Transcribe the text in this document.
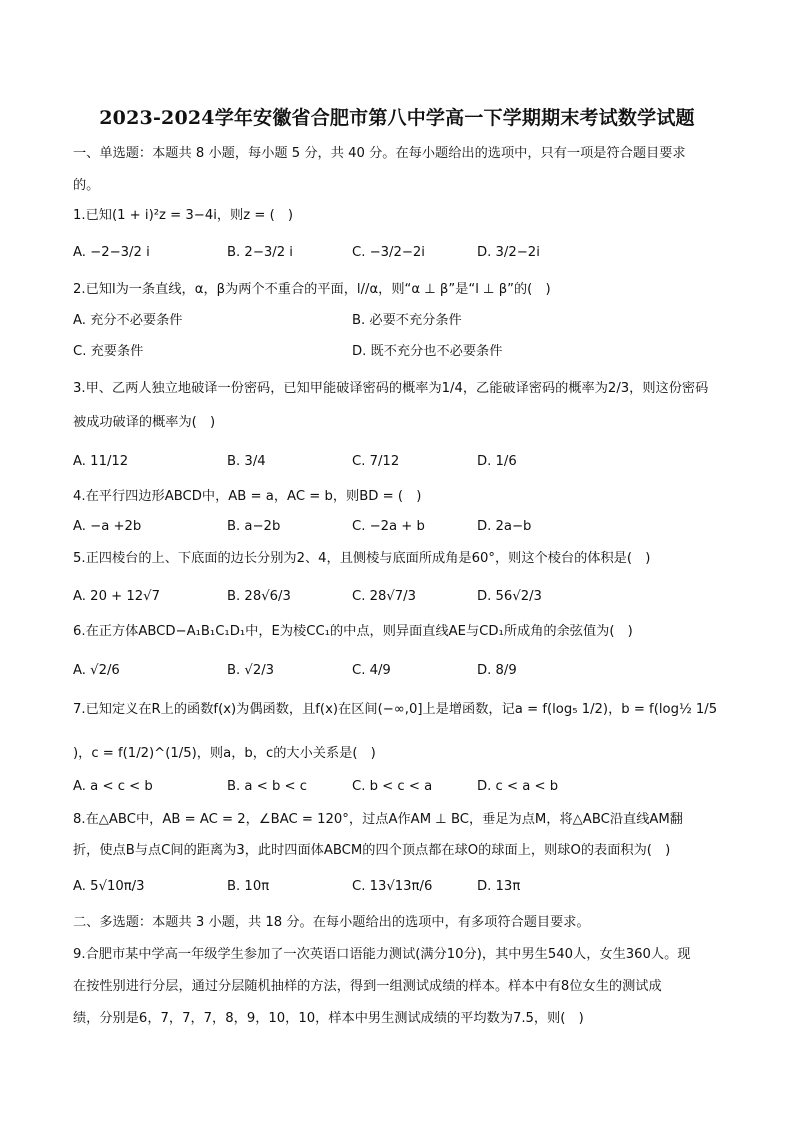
2023-2024学年安徽省合肥市第八中学高一下学期期末考试数学试题
一、单选题：本题共 8 小题，每小题 5 分，共 40 分。在每小题给出的选项中，只有一项是符合题目要求
的。
1.已知(1 + i)²z = 3−4i，则z = (　)
A. −2−3/2 i	B. 2−3/2 i	C. −3/2−2i	D. 3/2−2i
2.已知l为一条直线，α，β为两个不重合的平面，l//α，则“α ⊥ β”是“l ⊥ β”的(　)
A. 充分不必要条件	B. 必要不充分条件
C. 充要条件	D. 既不充分也不必要条件
3.甲、乙两人独立地破译一份密码，已知甲能破译密码的概率为1/4，乙能破译密码的概率为2/3，则这份密码
被成功破译的概率为(　)
A. 11/12	B. 3/4	C. 7/12	D. 1/6
4.在平行四边形ABCD中，AB = a，AC = b，则BD = (　)
A. −a +2b	B. a−2b	C. −2a + b	D. 2a−b
5.正四棱台的上、下底面的边长分别为2、4，且侧棱与底面所成角是60°，则这个棱台的体积是(　)
A. 20 + 12√7	B. 28√6/3	C. 28√7/3	D. 56√2/3
6.在正方体ABCD−A₁B₁C₁D₁中，E为棱CC₁的中点，则异面直线AE与CD₁所成角的余弦值为(　)
A. √2/6	B. √2/3	C. 4/9	D. 8/9
7.已知定义在R上的函数f(x)为偶函数，且f(x)在区间(−∞,0]上是增函数，记a = f(log₅ 1/2)，b = f(log½ 1/5
)，c = f(1/2)^(1/5)，则a，b，c的大小关系是(　)
A. a < c < b	B. a < b < c	C. b < c < a	D. c < a < b
8.在△ABC中，AB = AC = 2，∠BAC = 120°，过点A作AM ⊥ BC，垂足为点M，将△ABC沿直线AM翻
折，使点B与点C间的距离为3，此时四面体ABCM的四个顶点都在球O的球面上，则球O的表面积为(　)
A. 5√10π/3	B. 10π	C. 13√13π/6	D. 13π
二、多选题：本题共 3 小题，共 18 分。在每小题给出的选项中，有多项符合题目要求。
9.合肥市某中学高一年级学生参加了一次英语口语能力测试(满分10分)，其中男生540人，女生360人。现
在按性别进行分层，通过分层随机抽样的方法，得到一组测试成绩的样本。样本中有8位女生的测试成
绩，分别是6，7，7，7，8，9，10，10，样本中男生测试成绩的平均数为7.5，则(　)
